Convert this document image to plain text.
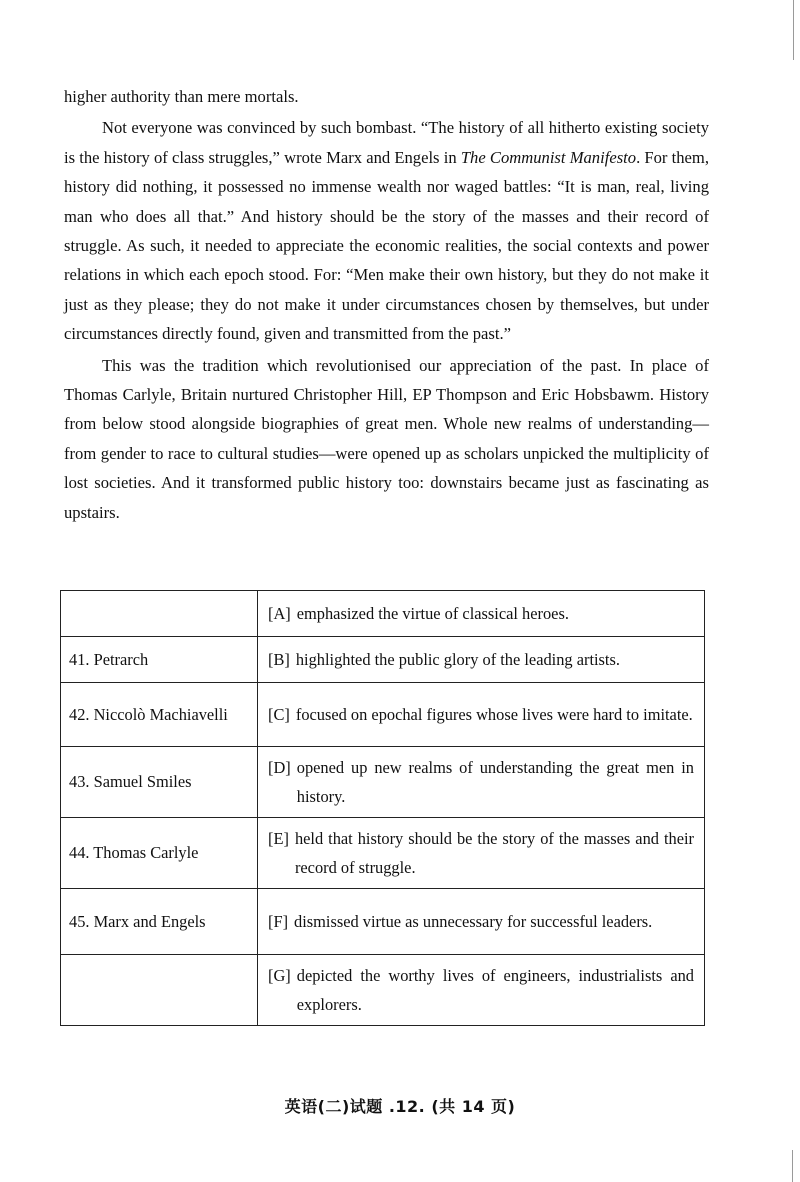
higher authority than mere mortals.

Not everyone was convinced by such bombast. “The history of all hitherto existing society is the history of class struggles,” wrote Marx and Engels in The Communist Manifesto. For them, history did nothing, it possessed no immense wealth nor waged battles: “It is man, real, living man who does all that.” And history should be the story of the masses and their record of struggle. As such, it needed to appreciate the economic realities, the social contexts and power relations in which each epoch stood. For: “Men make their own history, but they do not make it just as they please; they do not make it under circumstances chosen by themselves, but under circumstances directly found, given and transmitted from the past.”

This was the tradition which revolutionised our appreciation of the past. In place of Thomas Carlyle, Britain nurtured Christopher Hill, EP Thompson and Eric Hobsbawm. History from below stood alongside biographies of great men. Whole new realms of understanding—from gender to race to cultural studies—were opened up as scholars unpicked the multiplicity of lost societies. And it transformed public history too: downstairs became just as fascinating as upstairs.

	[A] emphasized the virtue of classical heroes.

41. Petrarch	[B] highlighted the public glory of the leading artists.

42. Niccolò Machiavelli	[C] focused on epochal figures whose lives were hard to imitate.

43. Samuel Smiles	[D] opened up new realms of understanding the great men in history.

44. Thomas Carlyle	[E] held that history should be the story of the masses and their record of struggle.

45. Marx and Engels	[F] dismissed virtue as unnecessary for successful leaders.

	[G] depicted the worthy lives of engineers, industrialists and explorers.
英语(二)试题 .12. (共 14 页)
